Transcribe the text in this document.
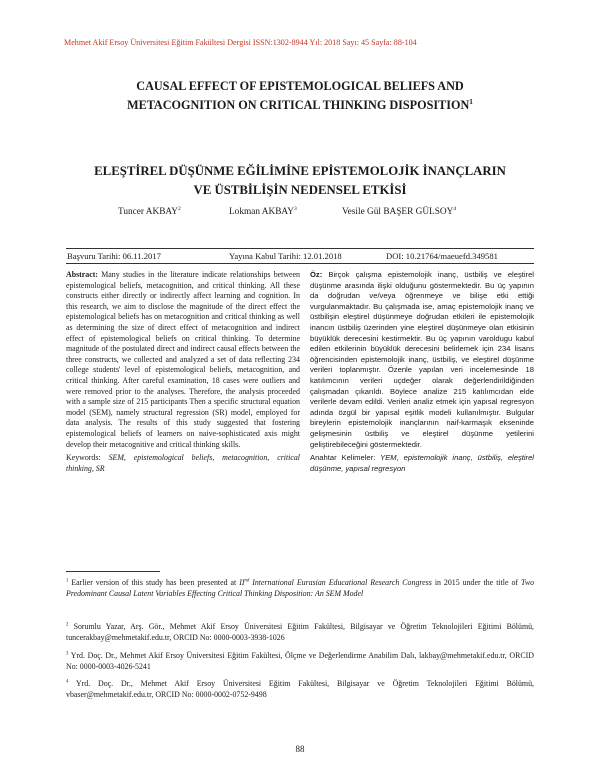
Mehmet Akif Ersoy Üniversitesi Eğitim Fakültesi Dergisi ISSN:1302-8944 Yıl: 2018 Sayı: 45 Sayfa: 88-104
CAUSAL EFFECT OF EPISTEMOLOGICAL BELIEFS AND
METACOGNITION ON CRITICAL THINKING DISPOSITION$^1$
ELEŞTİREL DÜŞÜNME EĞİLİMİNE EPİSTEMOLOJİK İNANÇLARIN
VE ÜSTBİLİŞİN NEDENSEL ETKİSİ
Tuncer AKBAY$^2$	Lokman AKBAY$^3$	Vesile Gül BAŞER GÜLSOY$^4$
Başvuru Tarihi: 06.11.2017	Yayına Kabul Tarihi: 12.01.2018	DOI: 10.21764/maeuefd.349581
Abstract: Many studies in the literature indicate relationships between epistemological beliefs, metacognition, and critical thinking. All these constructs either directly or indirectly affect learning and cognition. In this research, we aim to disclose the magnitude of the direct effect the epistemological beliefs has on metacognition and critical thinking as well as determining the size of direct effect of metacognition and indirect effect of epistemological beliefs on critical thinking. To determine magnitude of the postulated direct and indirect causal effects between the three constructs, we collected and analyzed a set of data reflecting 234 college students' level of epistemological beliefs, metacognition, and critical thinking. After careful examination, 18 cases were outliers and were removed prior to the analyses. Therefore, the analysis proceeded with a sample size of 215 participants Then a specific structural equation model (SEM), namely structural regression (SR) model, employed for data analysis. The results of this study suggested that fostering epistemological beliefs of learners on naive-sophisticated axis might develop their metacognitive and critical thinking skills.
Keywords: SEM, epistemological beliefs, metacognition, critical thinking, SR
Öz: Birçok çalışma epistemolojik inanç, üstbiliş ve eleştirel düşünme arasında ilişki olduğunu göstermektedir. Bu üç yapının da doğrudan ve/veya öğrenmeye ve bilişe etki ettiği vurgulanmaktadır. Bu çalışmada ise, amaç epistemolojik inanç ve üstbilişin eleştirel düşünmeye doğrudan etkileri ile epistemolojik inancın üstbiliş üzerinden yine eleştirel düşünmeye olan etkisinin büyüklük derecesini kestirmektir. Bu üç yapının varoldugu kabul edilen etkilerinin büyüklük derecesini belirlemek için 234 lisans öğrencisinden epistemolojik inanç, üstbiliş, ve eleştirel düşünme verileri toplanmıştır. Özenle yapılan veri incelemesinde 18 katılımcının verileri uçdeğer olarak değerlendirildiğinden çalışmadan çıkarıldı. Böylece analize 215 katılımcıdan elde verilerle devam edildi. Verileri analiz etmek için yapısal regresyon adında özgül bir yapısal eşitlik modeli kullanılmıştır. Bulgular bireylerin epistemolojik inançlarının naif-karmaşık ekseninde gelişmesinin üstbiliş ve eleştirel düşünme yetilerini geliştirebileceğini göstermektedir.
Anahtar Kelimeler: YEM, epistemolojik inanç, üstbiliş, eleştirel düşünme, yapısal regresyon
$^1$ Earlier version of this study has been presented at IInd International Eurasian Educational Research Congress in 2015 under the title of Two Predominant Causal Latent Variables Effecting Critical Thinking Disposition: An SEM Model
$^2$ Sorumlu Yazar, Arş. Gör., Mehmet Akif Ersoy Üniversitesi Eğitim Fakültesi, Bilgisayar ve Öğretim Teknolojileri Eğitimi Bölümü, tuncerakbay@mehmetakif.edu.tr, ORCID No: 0000-0003-3938-1026
$^3$ Yrd. Doç. Dr., Mehmet Akif Ersoy Üniversitesi Eğitim Fakültesi, Ölçme ve Değerlendirme Anabilim Dalı, lakbay@mehmetakif.edu.tr, ORCID No: 0000-0003-4026-5241
$^4$ Yrd. Doç. Dr., Mehmet Akif Ersoy Üniversitesi Eğitim Fakültesi, Bilgisayar ve Öğretim Teknolojileri Eğitimi Bölümü, vbaser@mehmetakif.edu.tr, ORCID No: 0000-0002-0752-9498
88
